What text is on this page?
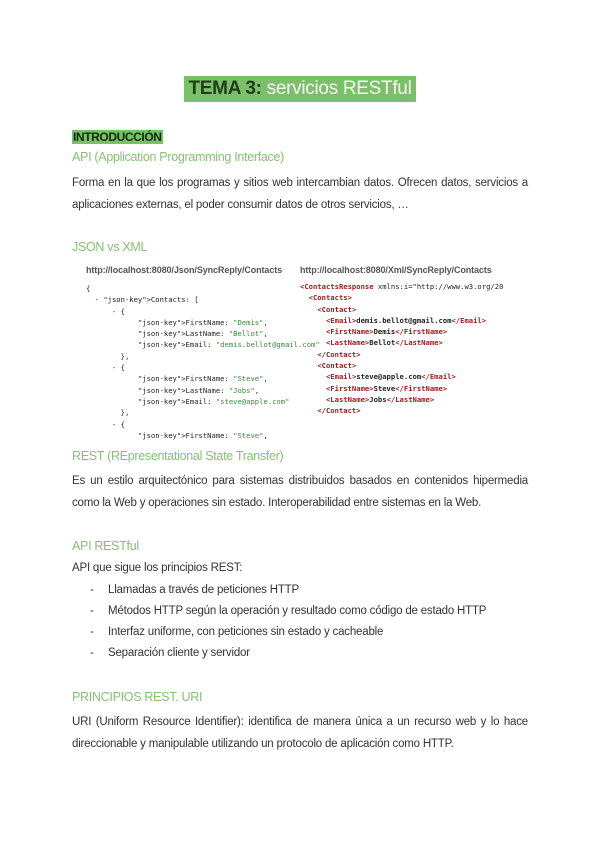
TEMA 3: servicios RESTful
INTRODUCCIÓN
API (Application Programming Interface)
Forma en la que los programas y sitios web intercambian datos. Ofrecen datos, servicios a aplicaciones externas, el poder consumir datos de otros servicios, …
JSON vs XML
http://localhost:8080/Json/SyncReply/Contacts http://localhost:8080/Xml/SyncReply/Contacts
{
- "json-key">Contacts: [
- {
"json-key">FirstName: "Demis",
"json-key">LastName: "Bellot",
"json-key">Email: "demis.bellot@gmail.com"
},
- {
"json-key">FirstName: "Steve",
"json-key">LastName: "Jobs",
"json-key">Email: "steve@apple.com"
},
- {
"json-key">FirstName: "Steve",
<ContactsResponse xmlns:i="http://www.w3.org/20
<Contacts>
<Contact>
<Email>demis.bellot@gmail.com</Email>
<FirstName>Demis</FirstName>
<LastName>Bellot</LastName>
</Contact>
<Contact>
<Email>steve@apple.com</Email>
<FirstName>Steve</FirstName>
<LastName>Jobs</LastName>
</Contact>
REST (REpresentational State Transfer)
Es un estilo arquitectónico para sistemas distribuidos basados en contenidos hipermedia como la Web y operaciones sin estado. Interoperabilidad entre sistemas en la Web.
API RESTful
API que sigue los principios REST:
-	Llamadas a través de peticiones HTTP
-	Métodos HTTP según la operación y resultado como código de estado HTTP
-	Interfaz uniforme, con peticiones sin estado y cacheable
-	Separación cliente y servidor
PRINCIPIOS REST. URI
URI (Uniform Resource Identifier): identifica de manera única a un recurso web y lo hace direccionable y manipulable utilizando un protocolo de aplicación como HTTP.
